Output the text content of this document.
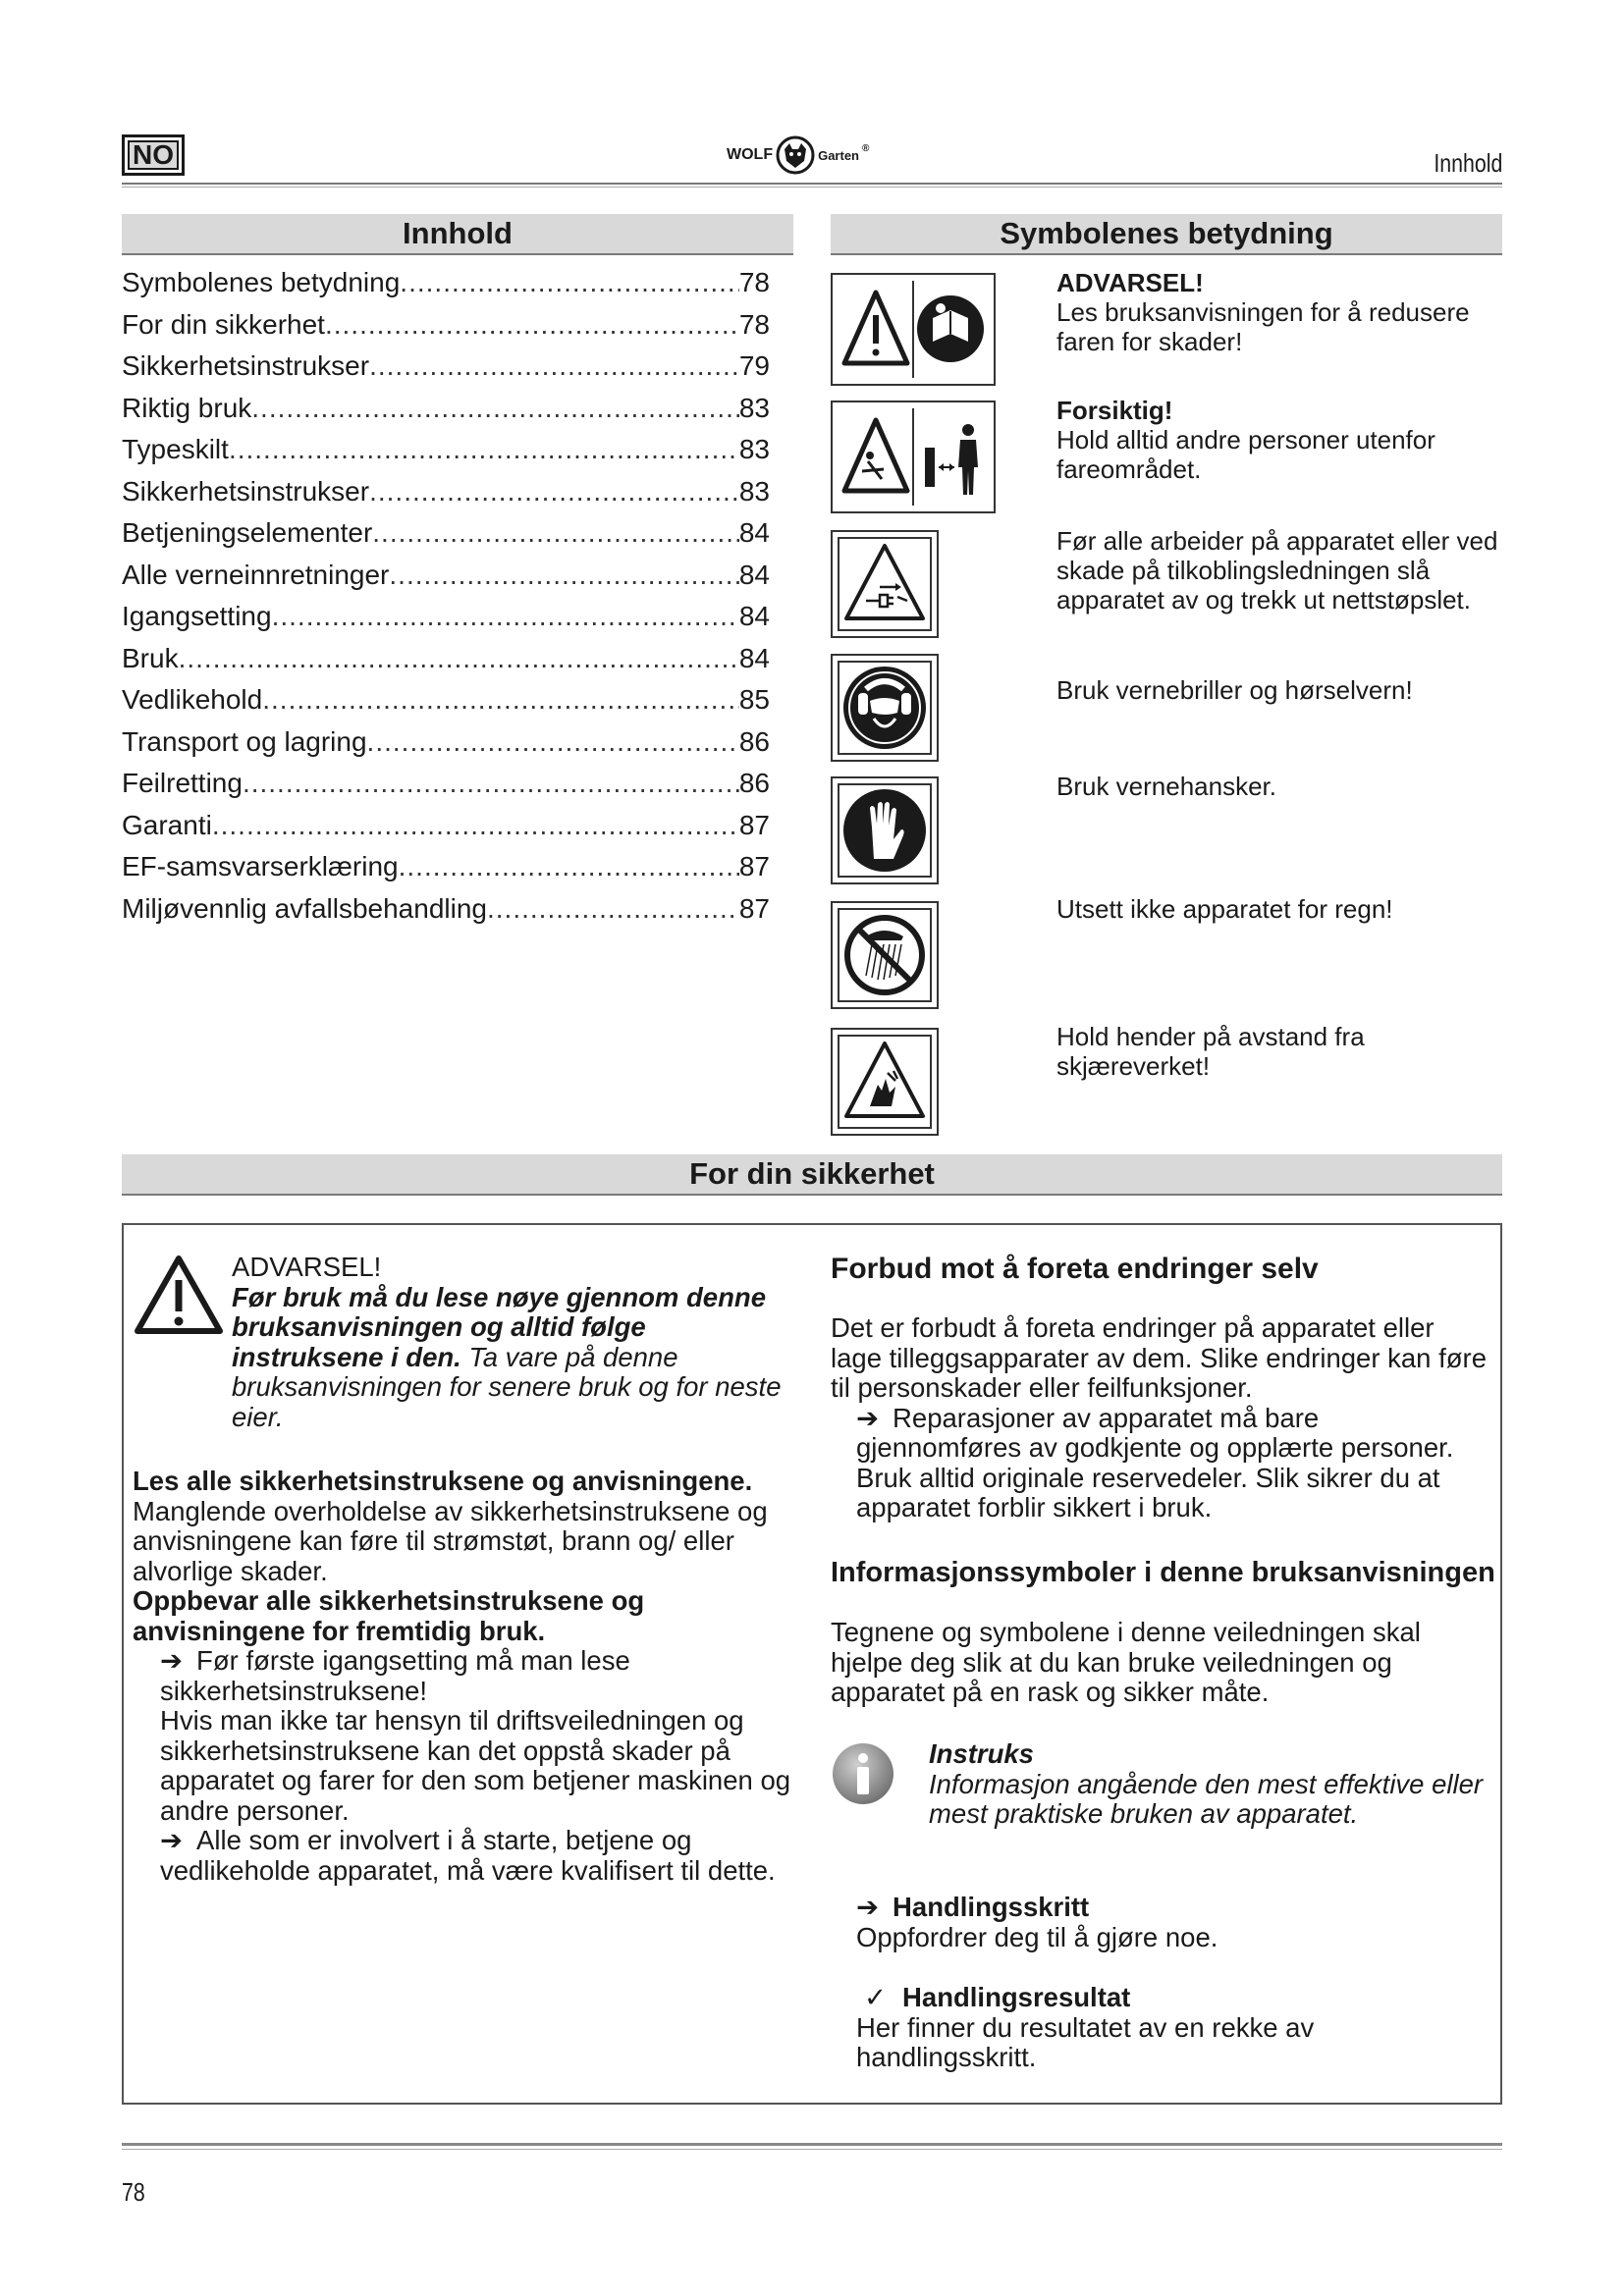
NO	WOLF	Garten ®	Innhold
Innhold
Symbolenes betydning .....	78
For din sikkerhet .....	78
Sikkerhetsinstrukser .....	79
Riktig bruk .....	83
Typeskilt .....	83
Sikkerhetsinstrukser .....	83
Betjeningselementer .....	84
Alle verneinnretninger .....	84
Igangsetting .....	84
Bruk .....	84
Vedlikehold .....	85
Transport og lagring .....	86
Feilretting .....	86
Garanti .....	87
EF-samsvarserklæring .....	87
Miljøvennlig avfallsbehandling .....	87
Symbolenes betydning
ADVARSEL!
Les bruksanvisningen for å redusere faren for skader!
Forsiktig!
Hold alltid andre personer utenfor fareområdet.
Før alle arbeider på apparatet eller ved skade på tilkoblingsledningen slå apparatet av og trekk ut nettstøpslet.
Bruk vernebriller og hørselvern!
Bruk vernehansker.
Utsett ikke apparatet for regn!
Hold hender på avstand fra skjæreverket!
For din sikkerhet
ADVARSEL!
Før bruk må du lese nøye gjennom denne bruksanvisningen og alltid følge instruksene i den. Ta vare på denne bruksanvisningen for senere bruk og for neste eier.
Les alle sikkerhetsinstruksene og anvisningene.
Manglende overholdelse av sikkerhetsinstruksene og anvisningene kan føre til strømstøt, brann og/ eller alvorlige skader.
Oppbevar alle sikkerhetsinstruksene og anvisningene for fremtidig bruk.
➔ Før første igangsetting må man lese sikkerhetsinstruksene!
Hvis man ikke tar hensyn til driftsveiledningen og sikkerhetsinstruksene kan det oppstå skader på apparatet og farer for den som betjener maskinen og andre personer.
➔ Alle som er involvert i å starte, betjene og vedlikeholde apparatet, må være kvalifisert til dette.
Forbud mot å foreta endringer selv
Det er forbudt å foreta endringer på apparatet eller lage tilleggsapparater av dem. Slike endringer kan føre til personskader eller feilfunksjoner.
➔ Reparasjoner av apparatet må bare gjennomføres av godkjente og opplærte personer. Bruk alltid originale reservedeler. Slik sikrer du at apparatet forblir sikkert i bruk.
Informasjonssymboler i denne bruksanvisningen
Tegnene og symbolene i denne veiledningen skal hjelpe deg slik at du kan bruke veiledningen og apparatet på en rask og sikker måte.
Instruks
Informasjon angående den mest effektive eller mest praktiske bruken av apparatet.
➔ Handlingsskritt
Oppfordrer deg til å gjøre noe.
✓ Handlingsresultat
Her finner du resultatet av en rekke av handlingsskritt.
78
